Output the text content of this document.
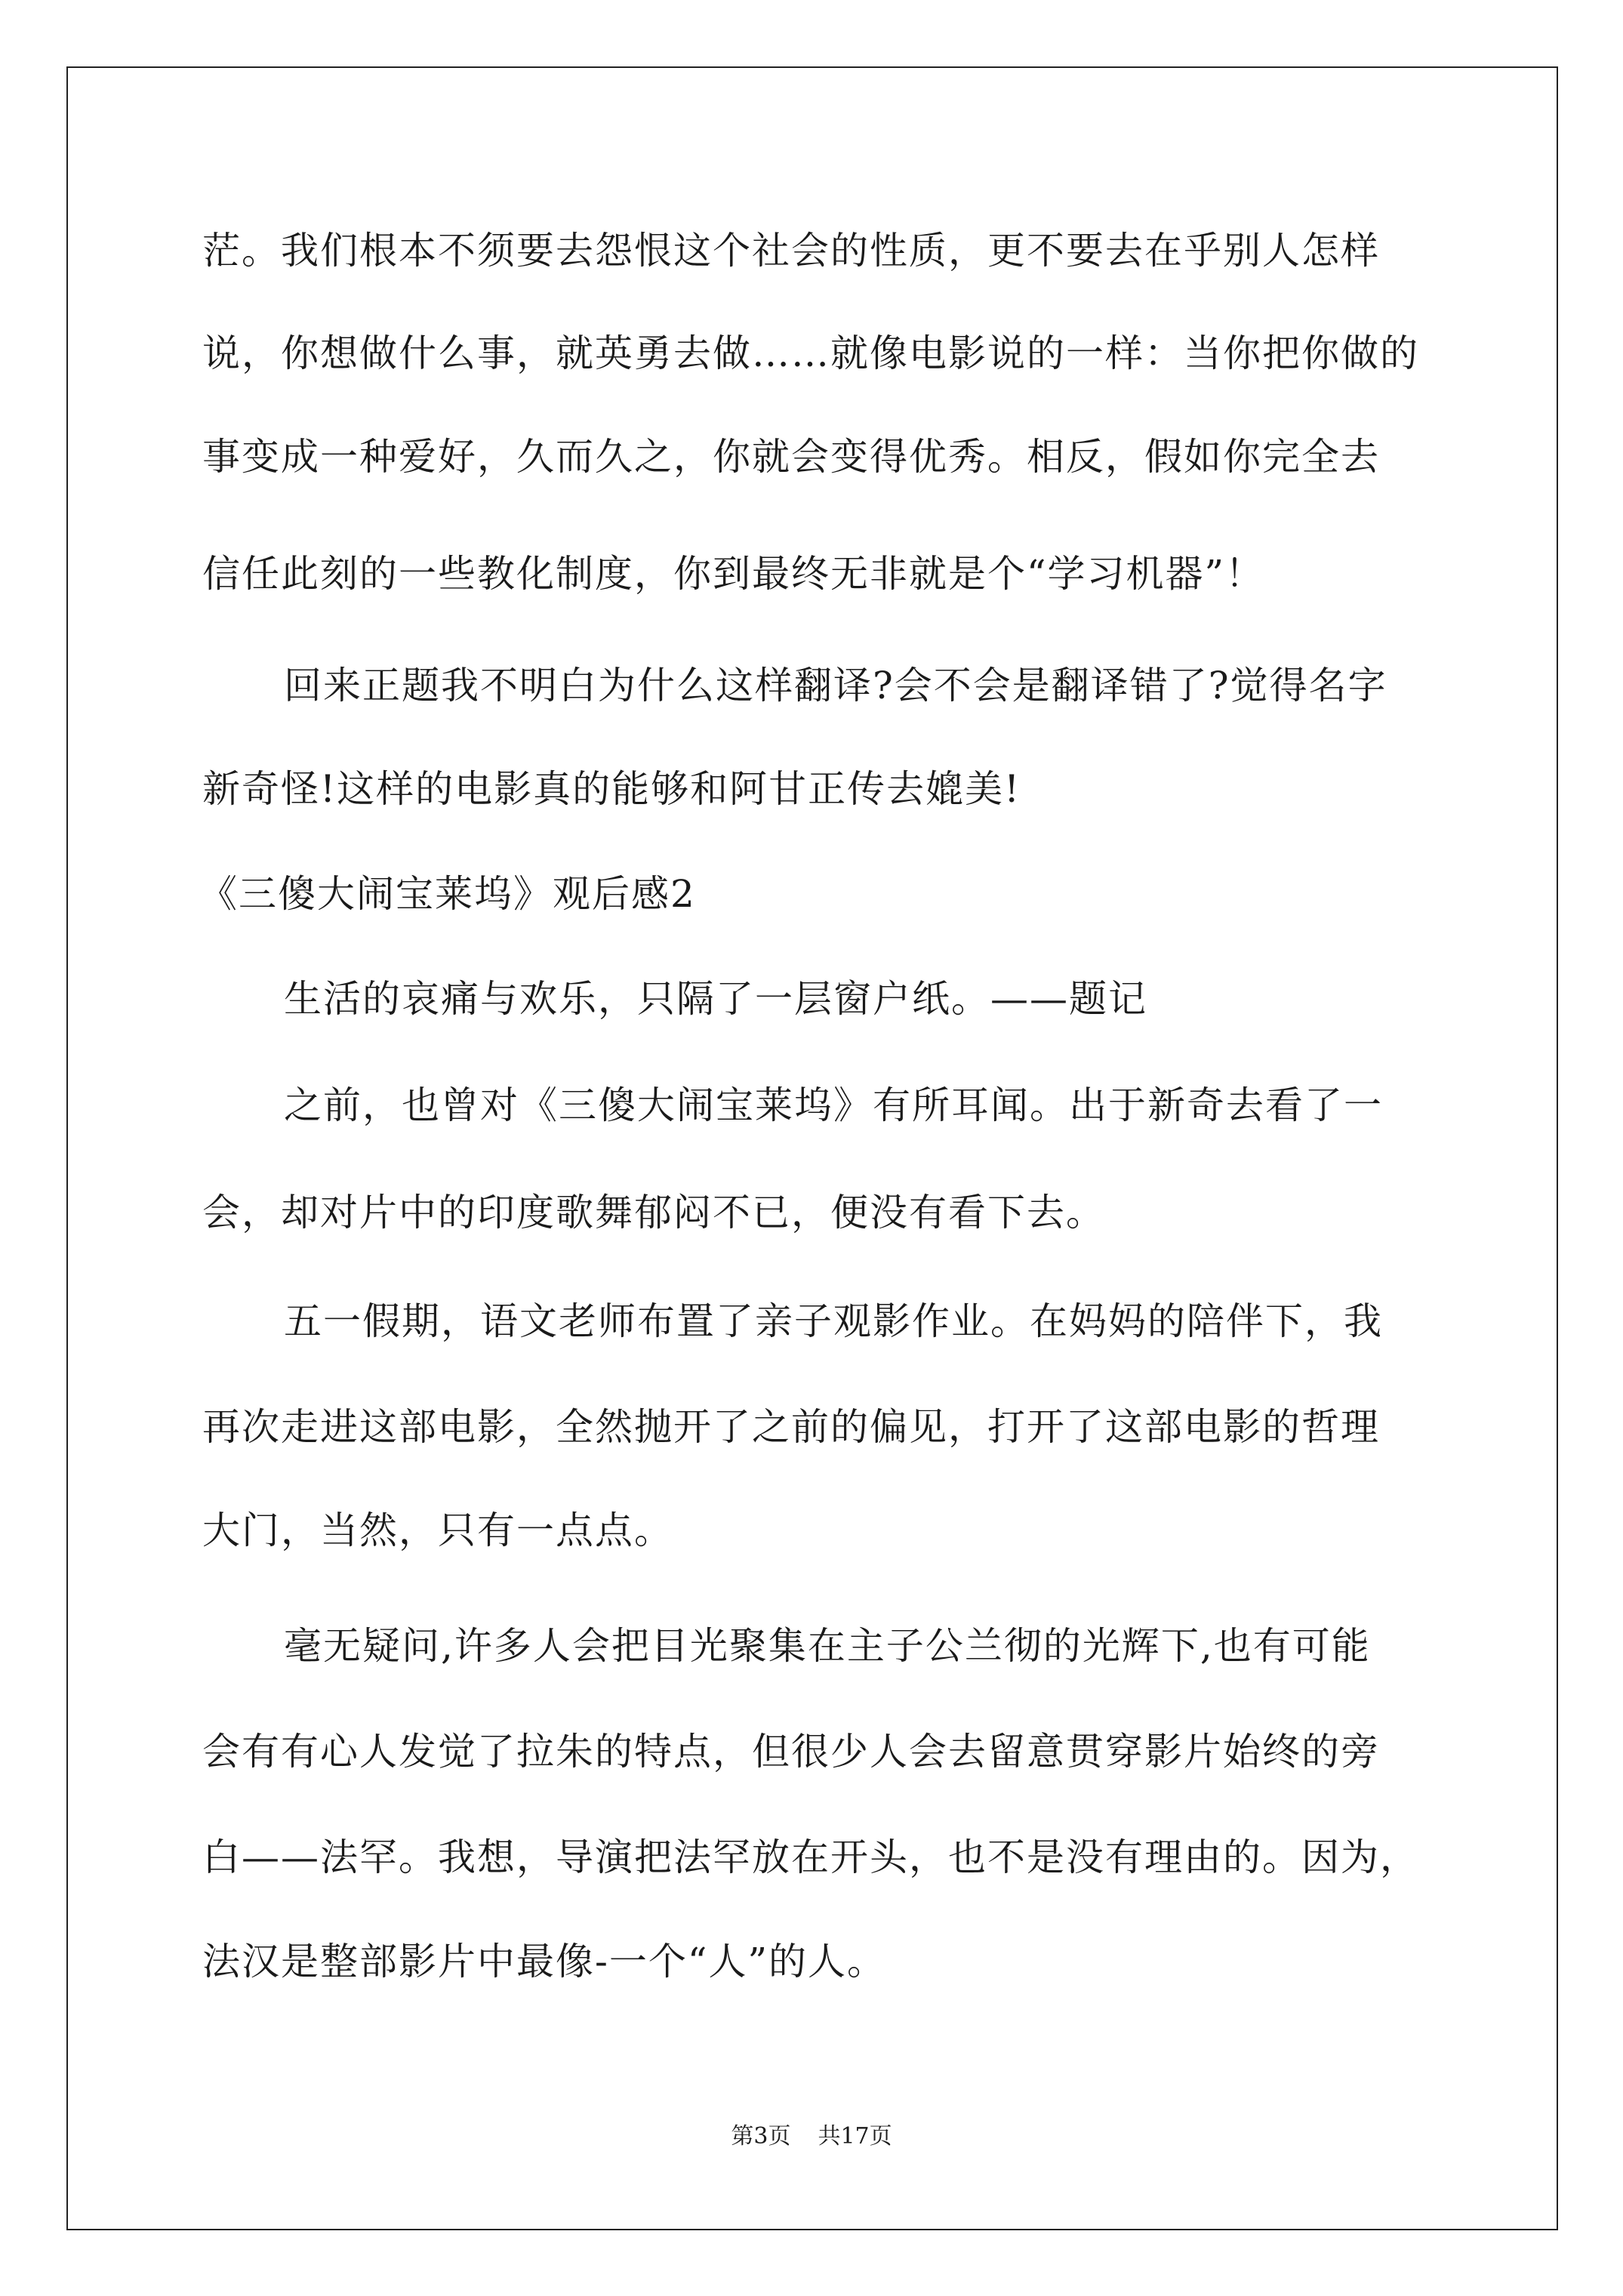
茫。我们根本不须要去怨恨这个社会的性质，更不要去在乎别人怎样
说，你想做什么事，就英勇去做……就像电影说的一样：当你把你做的
事变成一种爱好，久而久之，你就会变得优秀。相反，假如你完全去
信任此刻的一些教化制度，你到最终无非就是个“学习机器”！
回来正题我不明白为什么这样翻译?会不会是翻译错了?觉得名字
新奇怪!这样的电影真的能够和阿甘正传去媲美!
《三傻大闹宝莱坞》观后感2
生活的哀痛与欢乐，只隔了一层窗户纸。——题记
之前，也曾对《三傻大闹宝莱坞》有所耳闻。出于新奇去看了一
会，却对片中的印度歌舞郁闷不已，便没有看下去。
五一假期，语文老师布置了亲子观影作业。在妈妈的陪伴下，我
再次走进这部电影，全然抛开了之前的偏见，打开了这部电影的哲理
大门，当然，只有一点点。
毫无疑问,许多人会把目光聚集在主子公兰彻的光辉下,也有可能
会有有心人发觉了拉朱的特点，但很少人会去留意贯穿影片始终的旁
白——法罕。我想，导演把法罕放在开头，也不是没有理由的。因为，
法汉是整部影片中最像-一个“人”的人。
第3页 共17页
